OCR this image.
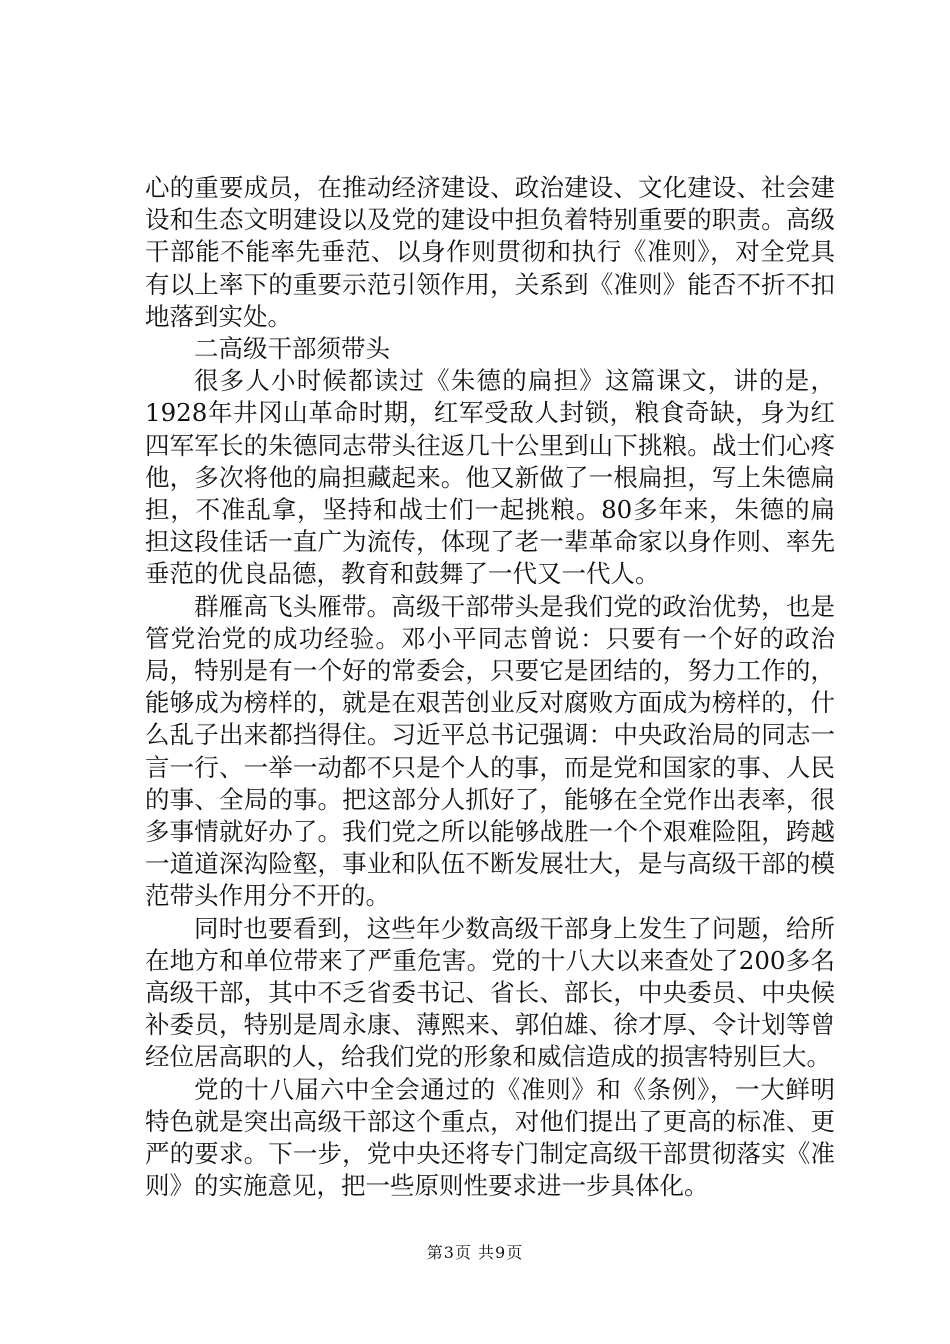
心的重要成员，在推动经济建设、政治建设、文化建设、社会建设和生态文明建设以及党的建设中担负着特别重要的职责。高级干部能不能率先垂范、以身作则贯彻和执行《准则》，对全党具有以上率下的重要示范引领作用，关系到《准则》能否不折不扣地落到实处。

二高级干部须带头

很多人小时候都读过《朱德的扁担》这篇课文，讲的是，1928年井冈山革命时期，红军受敌人封锁，粮食奇缺，身为红四军军长的朱德同志带头往返几十公里到山下挑粮。战士们心疼他，多次将他的扁担藏起来。他又新做了一根扁担，写上朱德扁担，不准乱拿，坚持和战士们一起挑粮。80多年来，朱德的扁担这段佳话一直广为流传，体现了老一辈革命家以身作则、率先垂范的优良品德，教育和鼓舞了一代又一代人。

群雁高飞头雁带。高级干部带头是我们党的政治优势，也是管党治党的成功经验。邓小平同志曾说：只要有一个好的政治局，特别是有一个好的常委会，只要它是团结的，努力工作的，能够成为榜样的，就是在艰苦创业反对腐败方面成为榜样的，什么乱子出来都挡得住。习近平总书记强调：中央政治局的同志一言一行、一举一动都不只是个人的事，而是党和国家的事、人民的事、全局的事。把这部分人抓好了，能够在全党作出表率，很多事情就好办了。我们党之所以能够战胜一个个艰难险阻，跨越一道道深沟险壑，事业和队伍不断发展壮大，是与高级干部的模范带头作用分不开的。

同时也要看到，这些年少数高级干部身上发生了问题，给所在地方和单位带来了严重危害。党的十八大以来查处了200多名高级干部，其中不乏省委书记、省长、部长，中央委员、中央候补委员，特别是周永康、薄熙来、郭伯雄、徐才厚、令计划等曾经位居高职的人，给我们党的形象和威信造成的损害特别巨大。

党的十八届六中全会通过的《准则》和《条例》，一大鲜明特色就是突出高级干部这个重点，对他们提出了更高的标准、更严的要求。下一步，党中央还将专门制定高级干部贯彻落实《准则》的实施意见，把一些原则性要求进一步具体化。

第3页 共9页
